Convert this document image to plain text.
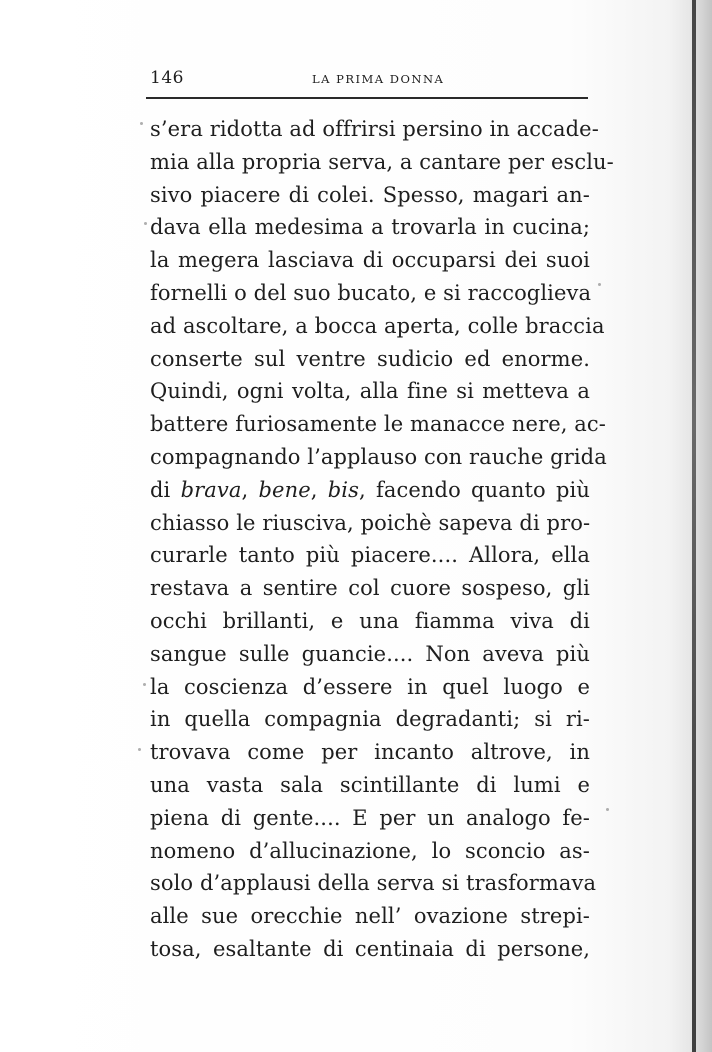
146	LA PRIMA DONNA
s’era ridotta ad offrirsi persino in accade-
mia alla propria serva, a cantare per esclu-
sivo piacere di colei. Spesso, magari an-
dava ella medesima a trovarla in cucina;
la megera lasciava di occuparsi dei suoi
fornelli o del suo bucato, e si raccoglieva
ad ascoltare, a bocca aperta, colle braccia
conserte sul ventre sudicio ed enorme.
Quindi, ogni volta, alla fine si metteva a
battere furiosamente le manacce nere, ac-
compagnando l’applauso con rauche grida
di brava, bene, bis, facendo quanto più
chiasso le riusciva, poichè sapeva di pro-
curarle tanto più piacere.... Allora, ella
restava a sentire col cuore sospeso, gli
occhi brillanti, e una fiamma viva di
sangue sulle guancie.... Non aveva più
la coscienza d’essere in quel luogo e
in quella compagnia degradanti; si ri-
trovava come per incanto altrove, in
una vasta sala scintillante di lumi e
piena di gente.... E per un analogo fe-
nomeno d’allucinazione, lo sconcio as-
solo d’applausi della serva si trasformava
alle sue orecchie nell’ ovazione strepi-
tosa, esaltante di centinaia di persone,
